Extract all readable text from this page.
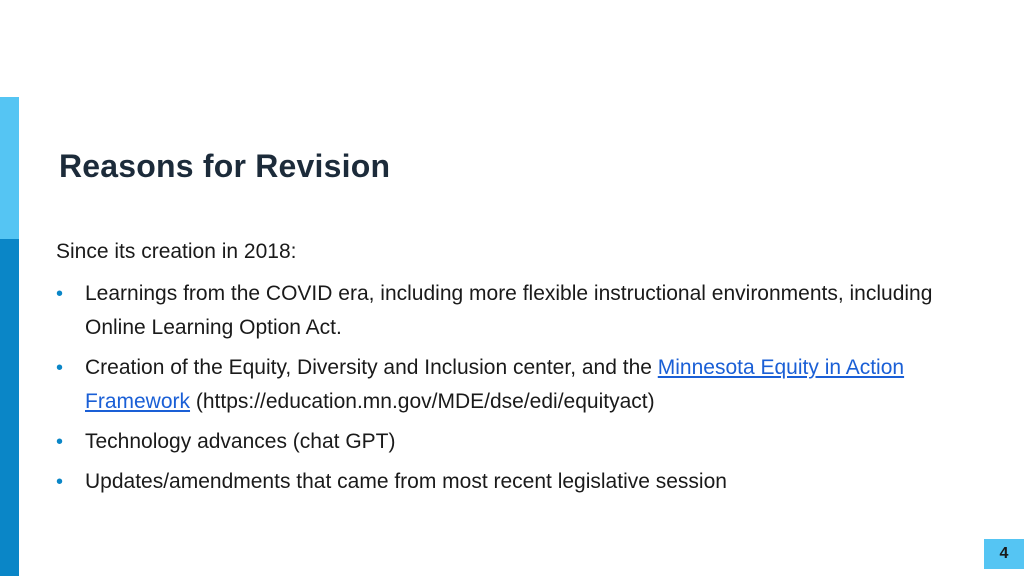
Reasons for Revision

Since its creation in 2018:

• Learnings from the COVID era, including more flexible instructional environments, including Online Learning Option Act.
• Creation of the Equity, Diversity and Inclusion center, and the Minnesota Equity in Action Framework (https://education.mn.gov/MDE/dse/edi/equityact)
• Technology advances (chat GPT)
• Updates/amendments that came from most recent legislative session
4
